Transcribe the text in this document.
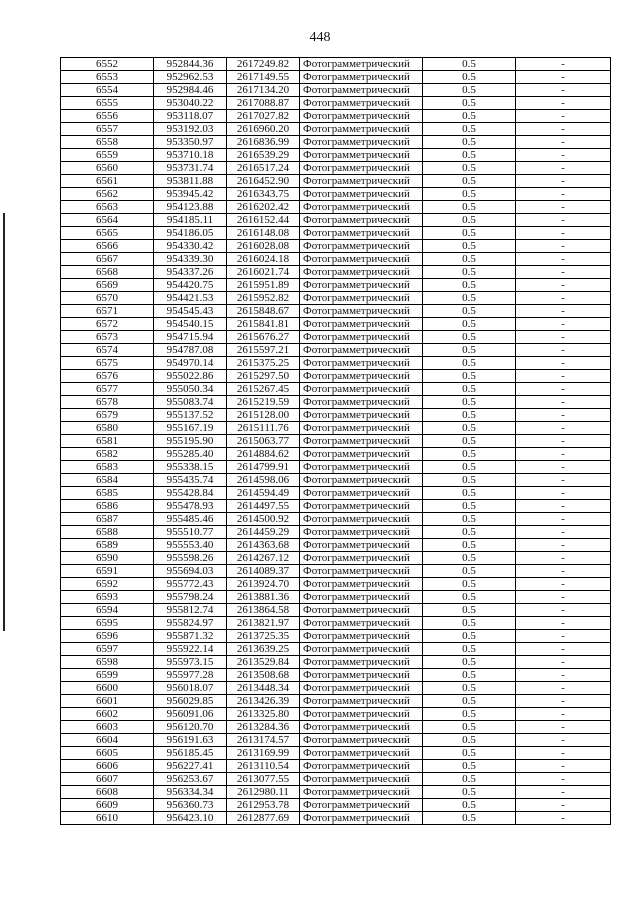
448
6552	952844.36	2617249.82	Фотограмметрический	0.5	-
6553	952962.53	2617149.55	Фотограмметрический	0.5	-
6554	952984.46	2617134.20	Фотограмметрический	0.5	-
6555	953040.22	2617088.87	Фотограмметрический	0.5	-
6556	953118.07	2617027.82	Фотограмметрический	0.5	-
6557	953192.03	2616960.20	Фотограмметрический	0.5	-
6558	953350.97	2616836.99	Фотограмметрический	0.5	-
6559	953710.18	2616539.29	Фотограмметрический	0.5	-
6560	953731.74	2616517.24	Фотограмметрический	0.5	-
6561	953811.88	2616452.90	Фотограмметрический	0.5	-
6562	953945.42	2616343.75	Фотограмметрический	0.5	-
6563	954123.88	2616202.42	Фотограмметрический	0.5	-
6564	954185.11	2616152.44	Фотограмметрический	0.5	-
6565	954186.05	2616148.08	Фотограмметрический	0.5	-
6566	954330.42	2616028.08	Фотограмметрический	0.5	-
6567	954339.30	2616024.18	Фотограмметрический	0.5	-
6568	954337.26	2616021.74	Фотограмметрический	0.5	-
6569	954420.75	2615951.89	Фотограмметрический	0.5	-
6570	954421.53	2615952.82	Фотограмметрический	0.5	-
6571	954545.43	2615848.67	Фотограмметрический	0.5	-
6572	954540.15	2615841.81	Фотограмметрический	0.5	-
6573	954715.94	2615676.27	Фотограмметрический	0.5	-
6574	954787.08	2615597.21	Фотограмметрический	0.5	-
6575	954970.14	2615375.25	Фотограмметрический	0.5	-
6576	955022.86	2615297.50	Фотограмметрический	0.5	-
6577	955050.34	2615267.45	Фотограмметрический	0.5	-
6578	955083.74	2615219.59	Фотограмметрический	0.5	-
6579	955137.52	2615128.00	Фотограмметрический	0.5	-
6580	955167.19	2615111.76	Фотограмметрический	0.5	-
6581	955195.90	2615063.77	Фотограмметрический	0.5	-
6582	955285.40	2614884.62	Фотограмметрический	0.5	-
6583	955338.15	2614799.91	Фотограмметрический	0.5	-
6584	955435.74	2614598.06	Фотограмметрический	0.5	-
6585	955428.84	2614594.49	Фотограмметрический	0.5	-
6586	955478.93	2614497.55	Фотограмметрический	0.5	-
6587	955485.46	2614500.92	Фотограмметрический	0.5	-
6588	955510.77	2614459.29	Фотограмметрический	0.5	-
6589	955553.40	2614363.68	Фотограмметрический	0.5	-
6590	955598.26	2614267.12	Фотограмметрический	0.5	-
6591	955694.03	2614089.37	Фотограмметрический	0.5	-
6592	955772.43	2613924.70	Фотограмметрический	0.5	-
6593	955798.24	2613881.36	Фотограмметрический	0.5	-
6594	955812.74	2613864.58	Фотограмметрический	0.5	-
6595	955824.97	2613821.97	Фотограмметрический	0.5	-
6596	955871.32	2613725.35	Фотограмметрический	0.5	-
6597	955922.14	2613639.25	Фотограмметрический	0.5	-
6598	955973.15	2613529.84	Фотограмметрический	0.5	-
6599	955977.28	2613508.68	Фотограмметрический	0.5	-
6600	956018.07	2613448.34	Фотограмметрический	0.5	-
6601	956029.85	2613426.39	Фотограмметрический	0.5	-
6602	956091.06	2613325.80	Фотограмметрический	0.5	-
6603	956120.70	2613284.36	Фотограмметрический	0.5	-
6604	956191.63	2613174.57	Фотограмметрический	0.5	-
6605	956185.45	2613169.99	Фотограмметрический	0.5	-
6606	956227.41	2613110.54	Фотограмметрический	0.5	-
6607	956253.67	2613077.55	Фотограмметрический	0.5	-
6608	956334.34	2612980.11	Фотограмметрический	0.5	-
6609	956360.73	2612953.78	Фотограмметрический	0.5	-
6610	956423.10	2612877.69	Фотограмметрический	0.5	-
